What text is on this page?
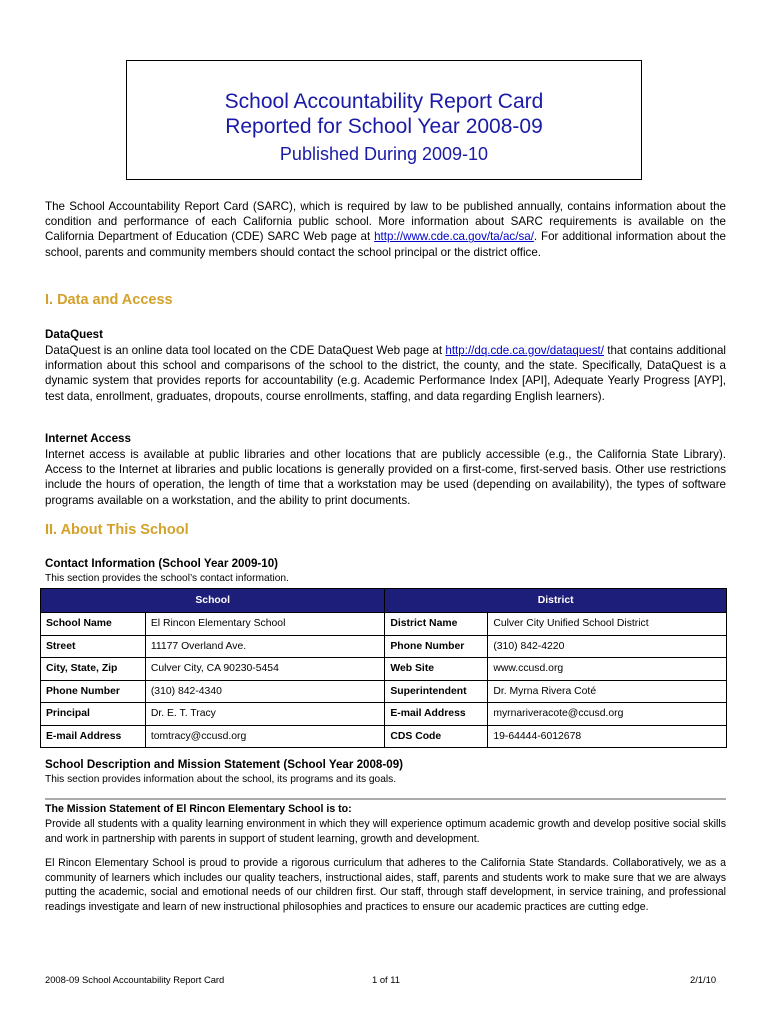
School Accountability Report Card
Reported for School Year 2008-09
Published During 2009-10
The School Accountability Report Card (SARC), which is required by law to be published annually, contains information about the condition and performance of each California public school. More information about SARC requirements is available on the California Department of Education (CDE) SARC Web page at http://www.cde.ca.gov/ta/ac/sa/. For additional information about the school, parents and community members should contact the school principal or the district office.
I. Data and Access
DataQuest
DataQuest is an online data tool located on the CDE DataQuest Web page at http://dq.cde.ca.gov/dataquest/ that contains additional information about this school and comparisons of the school to the district, the county, and the state. Specifically, DataQuest is a dynamic system that provides reports for accountability (e.g. Academic Performance Index [API], Adequate Yearly Progress [AYP], test data, enrollment, graduates, dropouts, course enrollments, staffing, and data regarding English learners).
Internet Access
Internet access is available at public libraries and other locations that are publicly accessible (e.g., the California State Library). Access to the Internet at libraries and public locations is generally provided on a first-come, first-served basis. Other use restrictions include the hours of operation, the length of time that a workstation may be used (depending on availability), the types of software programs available on a workstation, and the ability to print documents.
II. About This School
Contact Information (School Year 2009-10)
This section provides the school’s contact information.
School		District	
School Name	El Rincon Elementary School	District Name	Culver City Unified School District
Street	11177 Overland Ave.	Phone Number	(310) 842-4220
City, State, Zip	Culver City, CA 90230-5454	Web Site	www.ccusd.org
Phone Number	(310) 842-4340	Superintendent	Dr. Myrna Rivera Coté
Principal	Dr. E. T. Tracy	E-mail Address	myrnariveracote@ccusd.org
E-mail Address	tomtracy@ccusd.org	CDS Code	19-64444-6012678
School Description and Mission Statement (School Year 2008-09)
This section provides information about the school, its programs and its goals.
The Mission Statement of El Rincon Elementary School is to:
Provide all students with a quality learning environment in which they will experience optimum academic growth and develop positive social skills and work in partnership with parents in support of student learning, growth and development.
El Rincon Elementary School is proud to provide a rigorous curriculum that adheres to the California State Standards. Collaboratively, we as a community of learners which includes our quality teachers, instructional aides, staff, parents and students work to make sure that we are always putting the academic, social and emotional needs of our children first. Our staff, through staff development, in service training, and professional readings investigate and learn of new instructional philosophies and practices to ensure our academic practices are cutting edge.
2008-09 School Accountability Report Card	1 of 11	2/1/10
